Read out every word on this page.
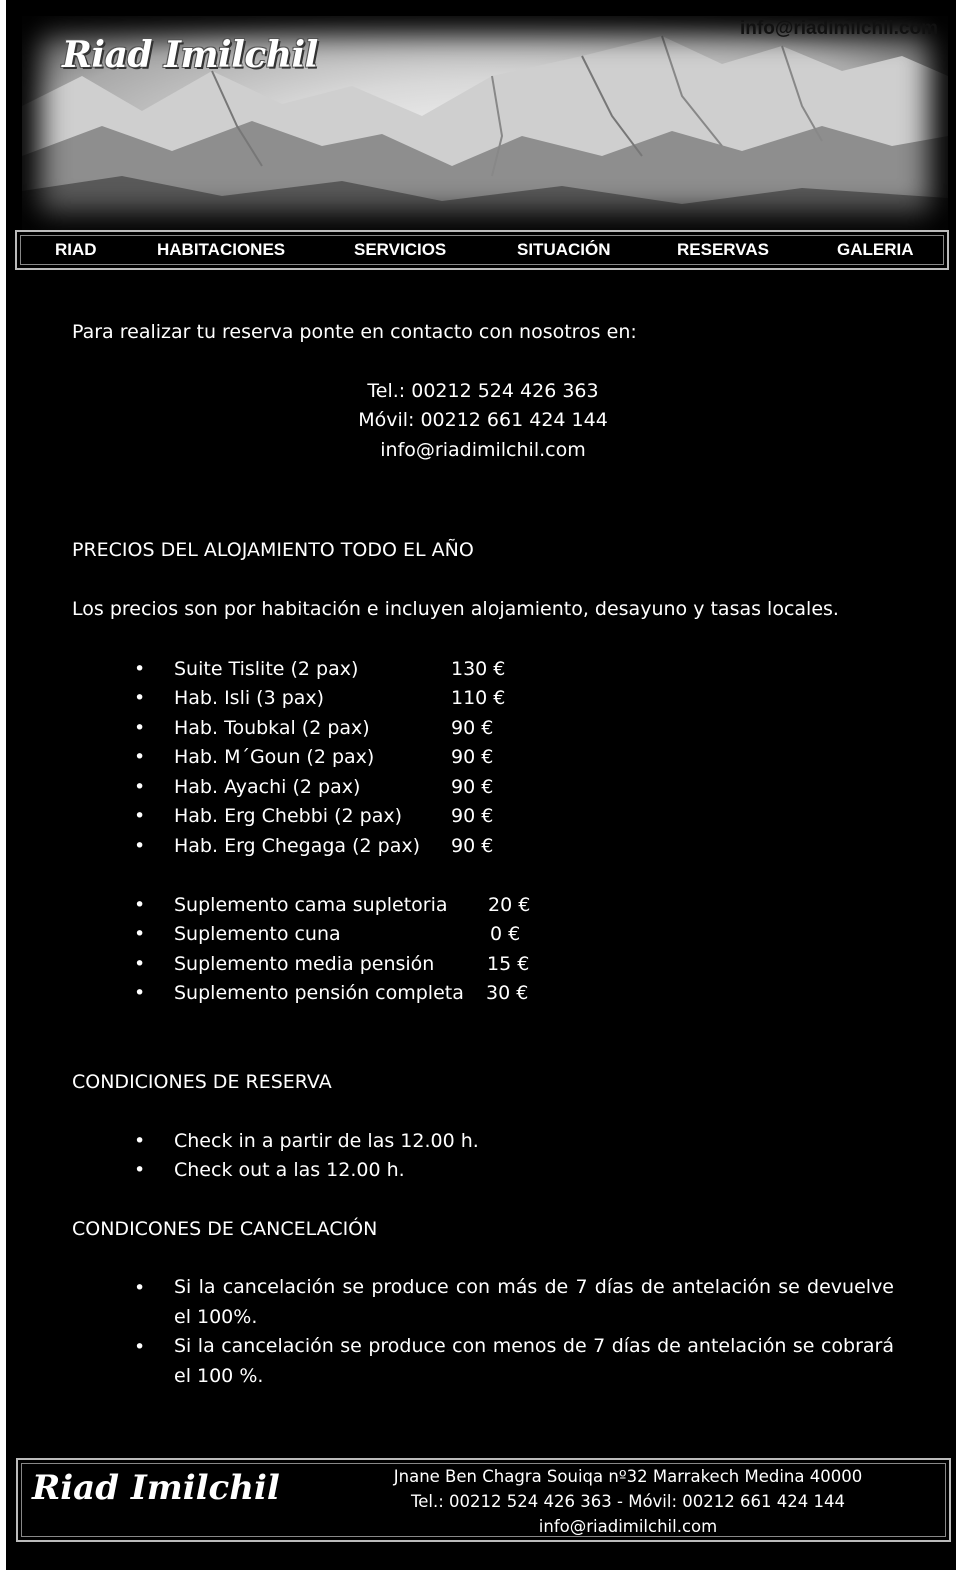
Riad Imilchil
info@riadimilchil.com
RIAD	HABITACIONES	SERVICIOS	SITUACIÓN	RESERVAS	GALERIA
Para realizar tu reserva ponte en contacto con nosotros en:
Tel.: 00212 524 426 363
Móvil: 00212 661 424 144
info@riadimilchil.com
PRECIOS DEL ALOJAMIENTO TODO EL AÑO
Los precios son por habitación e incluyen alojamiento, desayuno y tasas locales.
• Suite Tislite (2 pax)	130 €
• Hab. Isli (3 pax)	110 €
• Hab. Toubkal (2 pax)	90 €
• Hab. M´Goun (2 pax)	90 €
• Hab. Ayachi (2 pax)	90 €
• Hab. Erg Chebbi (2 pax)	90 €
• Hab. Erg Chegaga (2 pax) 90 €
• Suplemento cama supletoria 20 €
• Suplemento cuna	0 €
• Suplemento media pensión	15 €
• Suplemento pensión completa 30 €
CONDICIONES DE RESERVA
• Check in a partir de las 12.00 h.
• Check out a las 12.00 h.
CONDICONES DE CANCELACIÓN
• Si la cancelación se produce con más de 7 días de antelación se devuelve el 100%.
• Si la cancelación se produce con menos de 7 días de antelación se cobrará el 100 %.
Riad Imilchil	Jnane Ben Chagra Souiqa nº32 Marrakech Medina 40000
Tel.: 00212 524 426 363 - Móvil: 00212 661 424 144
info@riadimilchil.com
